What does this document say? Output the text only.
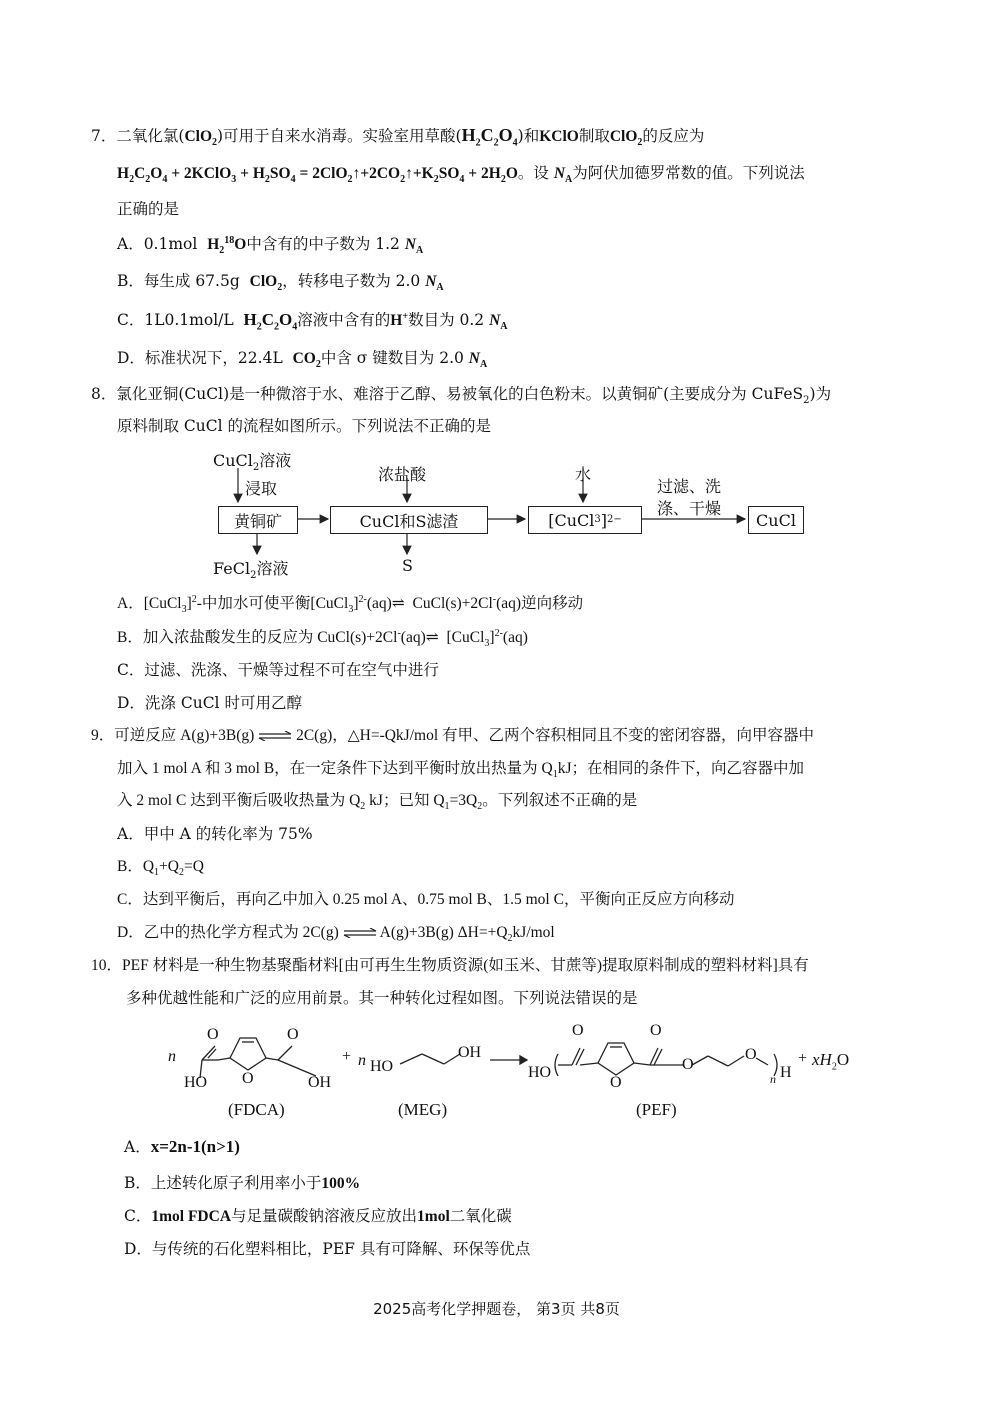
7．二氧化氯(ClO$_2$)可用于自来水消毒。实验室用草酸$(H_2C_2O_4)$和KClO制取ClO$_2$的反应为
$H_2C_2O_4$ + 2KClO$_3$ + $H_2SO_4$ = $2ClO_2↑+2CO_2↑+K_2SO_4 + 2H_2O$。设 $N_A$为阿伏加德罗常数的值。下列说法
正确的是
A．0.1mol $H_2^{18}O$中含有的中子数为 1.2 $N_A$
B．每生成 67.5g ClO$_2$，转移电子数为 2.0 $N_A$
C．1L0.1mol/L $H_2C_2O_4$溶液中含有的H+数目为 0.2 $N_A$
D．标准状况下，22.4L $CO_2$中含 σ 键数目为 2.0 $N_A$
8．氯化亚铜(CuCl)是一种微溶于水、难溶于乙醇、易被氧化的白色粉末。以黄铜矿(主要成分为 CuFeS$_2$)为
原料制取 CuCl 的流程如图所示。下列说法不正确的是
CuCl$_2$溶液
浸取
黄铜矿
FeCl$_2$溶液
浓盐酸
CuCl和S滤渣
S
水
[CuCl 3 ] 2−
过滤、洗
涤、干燥
CuCl
A．[CuCl$_3$]$^2$-中加水可使平衡[CuCl$_3$]$^{2-}$(aq)⇌  CuCl(s)+2Cl-(aq)逆向移动
B．加入浓盐酸发生的反应为 CuCl(s)+2Cl-(aq)⇌  [CuCl$_3$]$^{2-}$(aq)
C．过滤、洗涤、干燥等过程不可在空气中进行
D．洗涤 CuCl 时可用乙醇
9．可逆反应 A(g)+3B(g) ⇌ 2C(g)，△H=-QkJ/mol 有甲、乙两个容积相同且不变的密闭容器，向甲容器中
加入 1 mol A 和 3 mol B，在一定条件下达到平衡时放出热量为 $Q_1kJ$；在相同的条件下，向乙容器中加
入 2 mol C 达到平衡后吸收热量为 $Q_2$ kJ；已知 $Q_1=3Q_2$。下列叙述不正确的是
A．甲中 A 的转化率为 75%
B．$Q_1+Q_2=Q$
C．达到平衡后，再向乙中加入 0.25 mol A、0.75 mol B、1.5 mol C，平衡向正反应方向移动
D．乙中的热化学方程式为 2C(g) ⇌ A(g)+3B(g) $\Delta H=+Q_2kJ$/mol
10．PEF 材料是一种生物基聚酯材料[由可再生生物质资源(如玉米、甘蔗等)提取原料制成的塑料材料]具有
多种优越性能和广泛的应用前景。其一种转化过程如图。下列说法错误的是
n
O
HO O
O
OH
+ n HO
OH
HO
O
O
O
O
O
n H
+ $xH_2O$
(FDCA)	(MEG)	(PEF)
A．x=2n-1(n>1)
B．上述转化原子利用率小于100%
C．1mol FDCA与足量碳酸钠溶液反应放出1mol二氧化碳
D．与传统的石化塑料相比，PEF 具有可降解、环保等优点
2025高考化学押题卷， 第3页 共8页
